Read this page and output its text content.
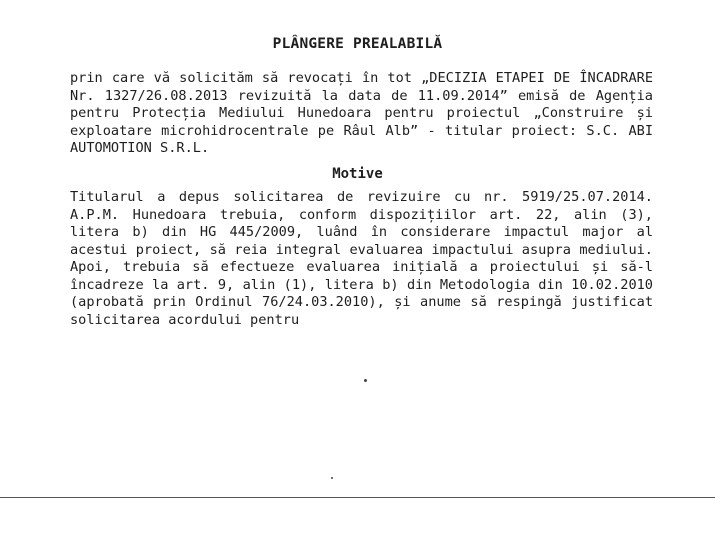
PLÂNGERE PREALABILĂ
prin care vă solicităm să revocați în tot „DECIZIA ETAPEI DE ÎNCADRARE Nr. 1327/26.08.2013 revizuită la data de 11.09.2014” emisă de Agenția pentru Protecția Mediului Hunedoara pentru proiectul „Construire și exploatare microhidrocentrale pe Râul Alb” - titular proiect: S.C. ABI AUTOMOTION S.R.L.
Motive
Titularul a depus solicitarea de revizuire cu nr. 5919/25.07.2014. A.P.M. Hunedoara trebuia, conform dispozițiilor art. 22, alin (3), litera b) din HG 445/2009, luând în considerare impactul major al acestui proiect, să reia integral evaluarea impactului asupra mediului. Apoi, trebuia să efectueze evaluarea inițială a proiectului și să-l încadreze la art. 9, alin (1), litera b) din Metodologia din 10.02.2010 (aprobată prin Ordinul 76/24.03.2010), și anume să respingă justificat solicitarea acordului pentru
